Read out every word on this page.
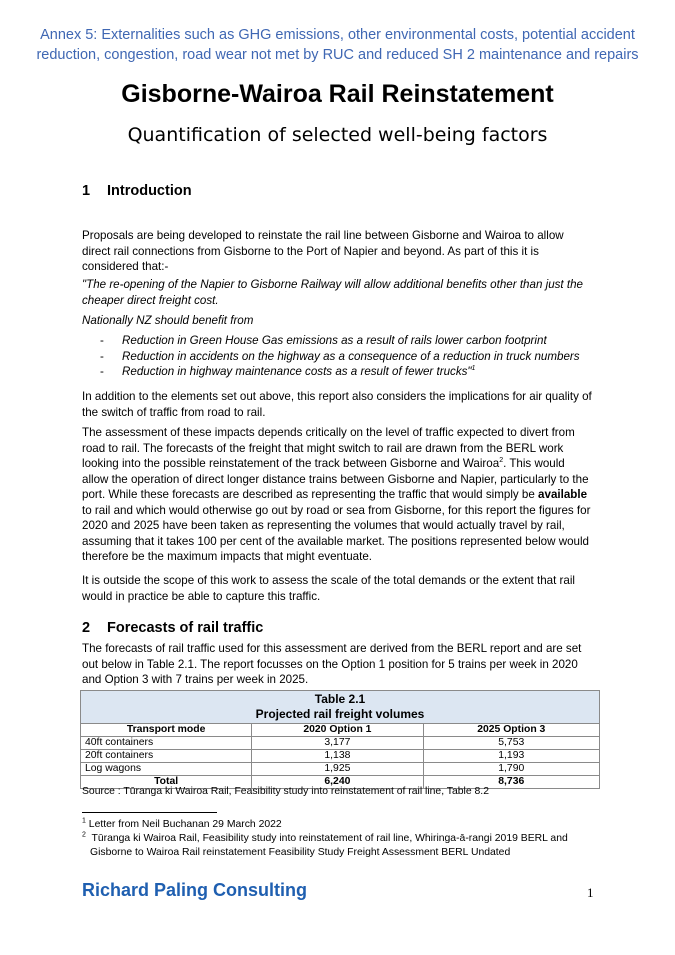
Annex 5: Externalities such as GHG emissions, other environmental costs, potential accident
reduction, congestion, road wear not met by RUC and reduced SH 2 maintenance and repairs
Gisborne-Wairoa Rail Reinstatement
Quantification of selected well-being factors
1 Introduction
Proposals are being developed to reinstate the rail line between Gisborne and Wairoa to allow direct rail connections from Gisborne to the Port of Napier and beyond. As part of this it is considered that:-
"The re-opening of the Napier to Gisborne Railway will allow additional benefits other than just the cheaper direct freight cost.
Nationally NZ should benefit from
- Reduction in Green House Gas emissions as a result of rails lower carbon footprint
- Reduction in accidents on the highway as a consequence of a reduction in truck numbers
- Reduction in highway maintenance costs as a result of fewer trucks"$^1$
In addition to the elements set out above, this report also considers the implications for air quality of the switch of traffic from road to rail.
The assessment of these impacts depends critically on the level of traffic expected to divert from road to rail. The forecasts of the freight that might switch to rail are drawn from the BERL work looking into the possible reinstatement of the track between Gisborne and Wairoa$^2$. This would allow the operation of direct longer distance trains between Gisborne and Napier, particularly to the port. While these forecasts are described as representing the traffic that would simply be available to rail and which would otherwise go out by road or sea from Gisborne, for this report the figures for 2020 and 2025 have been taken as representing the volumes that would actually travel by rail, assuming that it takes 100 per cent of the available market. The positions represented below would therefore be the maximum impacts that might eventuate.
It is outside the scope of this work to assess the scale of the total demands or the extent that rail would in practice be able to capture this traffic.
2 Forecasts of rail traffic
The forecasts of rail traffic used for this assessment are derived from the BERL report and are set out below in Table 2.1. The report focusses on the Option 1 position for 5 trains per week in 2020 and Option 3 with 7 trains per week in 2025.
Table 2.1
Projected rail freight volumes		

Transport mode	2020 Option 1	2025 Option 3
40ft containers	3,177	5,753
20ft containers	1,138	1,193
Log wagons	1,925	1,790
Total	6,240	8,736
Source : Tūranga ki Wairoa Rail, Feasibility study into reinstatement of rail line, Table 8.2
$^1$ Letter from Neil Buchanan 29 March 2022
$^2$ Tūranga ki Wairoa Rail, Feasibility study into reinstatement of rail line, Whiringa-ā-rangi 2019 BERL and Gisborne to Wairoa Rail reinstatement Feasibility Study Freight Assessment BERL Undated
Richard Paling Consulting	1
